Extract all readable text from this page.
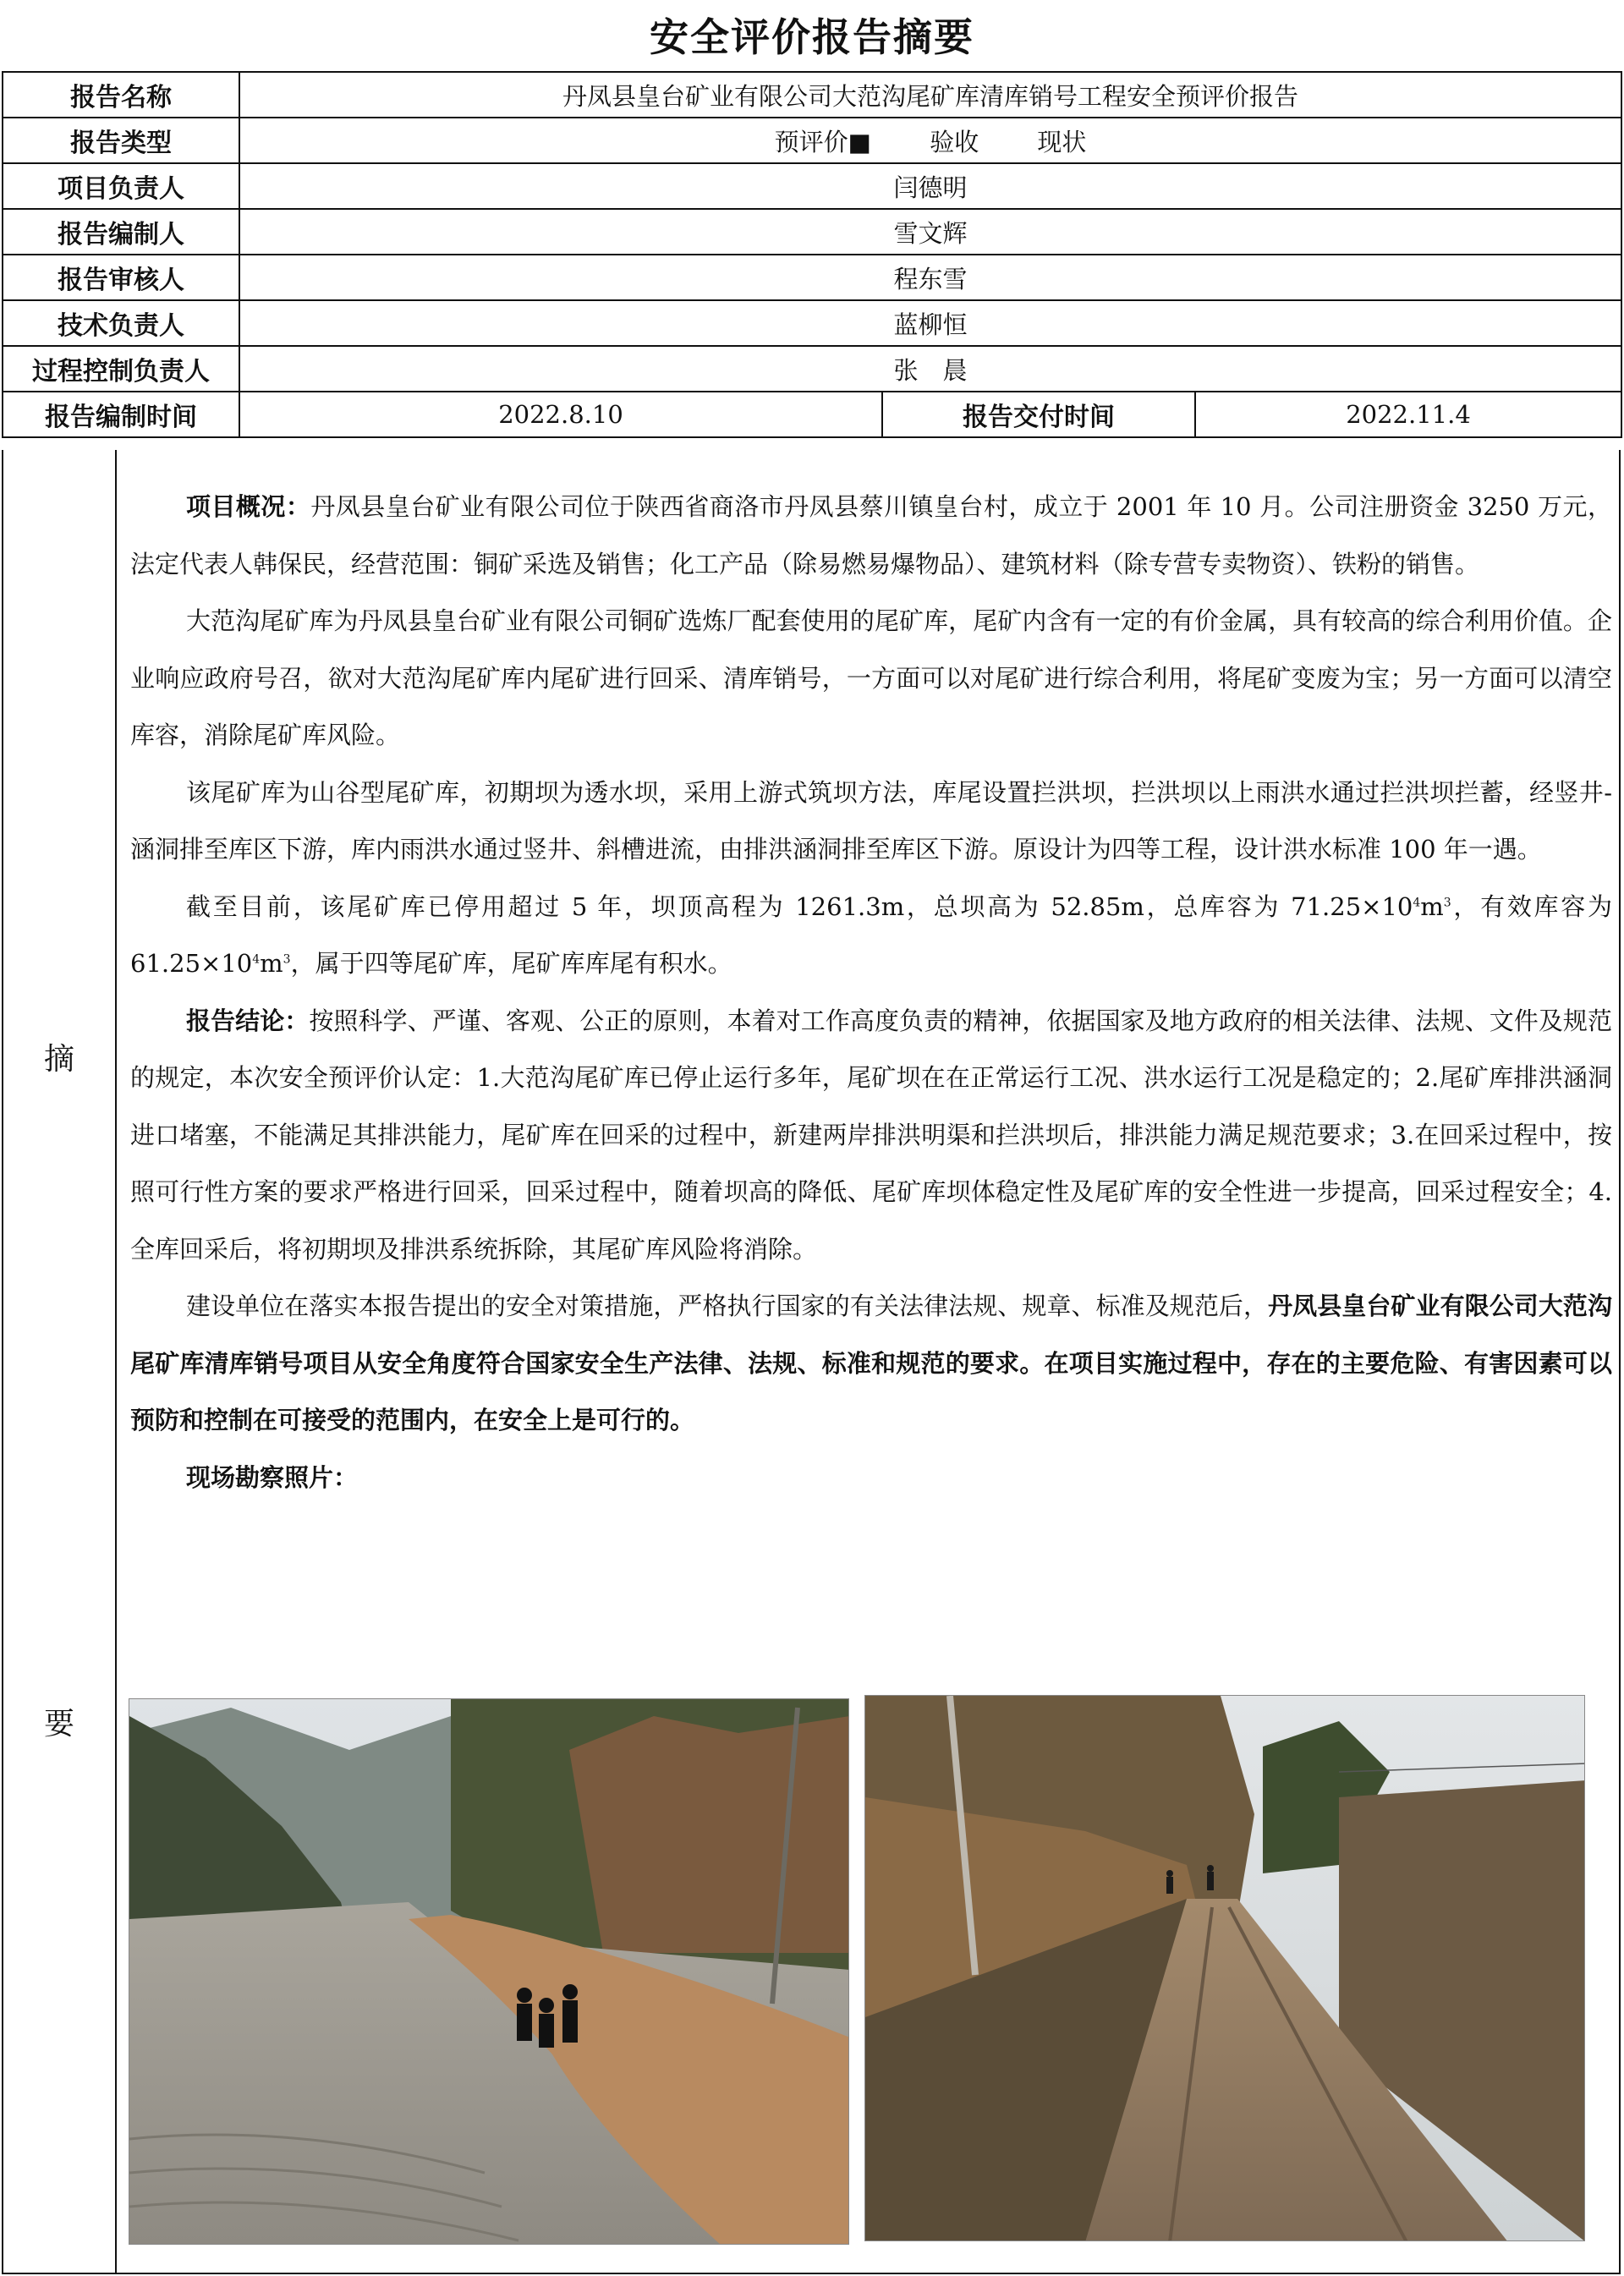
安全评价报告摘要
报告名称	丹凤县皇台矿业有限公司大范沟尾矿库清库销号工程安全预评价报告		
报告类型	预评价■ 验收 现状		
项目负责人	闫德明		
报告编制人	雪文辉		
报告审核人	程东雪		
技术负责人	蓝柳恒		
过程控制负责人	张　晨		
报告编制时间	2022.8.10	报告交付时间	2022.11.4
摘
要

项目概况：丹凤县皇台矿业有限公司位于陕西省商洛市丹凤县蔡川镇皇台村，成立于 2001 年 10 月。公司注册资金 3250 万元，法定代表人韩保民，经营范围：铜矿采选及销售；化工产品（除易燃易爆物品）、建筑材料（除专营专卖物资）、铁粉的销售。

大范沟尾矿库为丹凤县皇台矿业有限公司铜矿选炼厂配套使用的尾矿库，尾矿内含有一定的有价金属，具有较高的综合利用价值。企业响应政府号召，欲对大范沟尾矿库内尾矿进行回采、清库销号，一方面可以对尾矿进行综合利用，将尾矿变废为宝；另一方面可以清空库容，消除尾矿库风险。

该尾矿库为山谷型尾矿库，初期坝为透水坝，采用上游式筑坝方法，库尾设置拦洪坝，拦洪坝以上雨洪水通过拦洪坝拦蓄，经竖井-涵洞排至库区下游，库内雨洪水通过竖井、斜槽进流，由排洪涵洞排至库区下游。原设计为四等工程，设计洪水标准 100 年一遇。

截至目前，该尾矿库已停用超过 5 年，坝顶高程为 1261.3m，总坝高为 52.85m，总库容为 $71.25\times 10^4m^3$，有效库容为 $61.25\times 10^4m^3$，属于四等尾矿库，尾矿库库尾有积水。

报告结论：按照科学、严谨、客观、公正的原则，本着对工作高度负责的精神，依据国家及地方政府的相关法律、法规、文件及规范的规定，本次安全预评价认定：1.大范沟尾矿库已停止运行多年，尾矿坝在在正常运行工况、洪水运行工况是稳定的；2.尾矿库排洪涵洞进口堵塞，不能满足其排洪能力，尾矿库在回采的过程中，新建两岸排洪明渠和拦洪坝后，排洪能力满足规范要求；3.在回采过程中，按照可行性方案的要求严格进行回采，回采过程中，随着坝高的降低、尾矿库坝体稳定性及尾矿库的安全性进一步提高，回采过程安全；4.全库回采后，将初期坝及排洪系统拆除，其尾矿库风险将消除。

建设单位在落实本报告提出的安全对策措施，严格执行国家的有关法律法规、规章、标准及规范后，丹凤县皇台矿业有限公司大范沟尾矿库清库销号项目从安全角度符合国家安全生产法律、法规、标准和规范的要求。在项目实施过程中，存在的主要危险、有害因素可以预防和控制在可接受的范围内，在安全上是可行的。

现场勘察照片：
